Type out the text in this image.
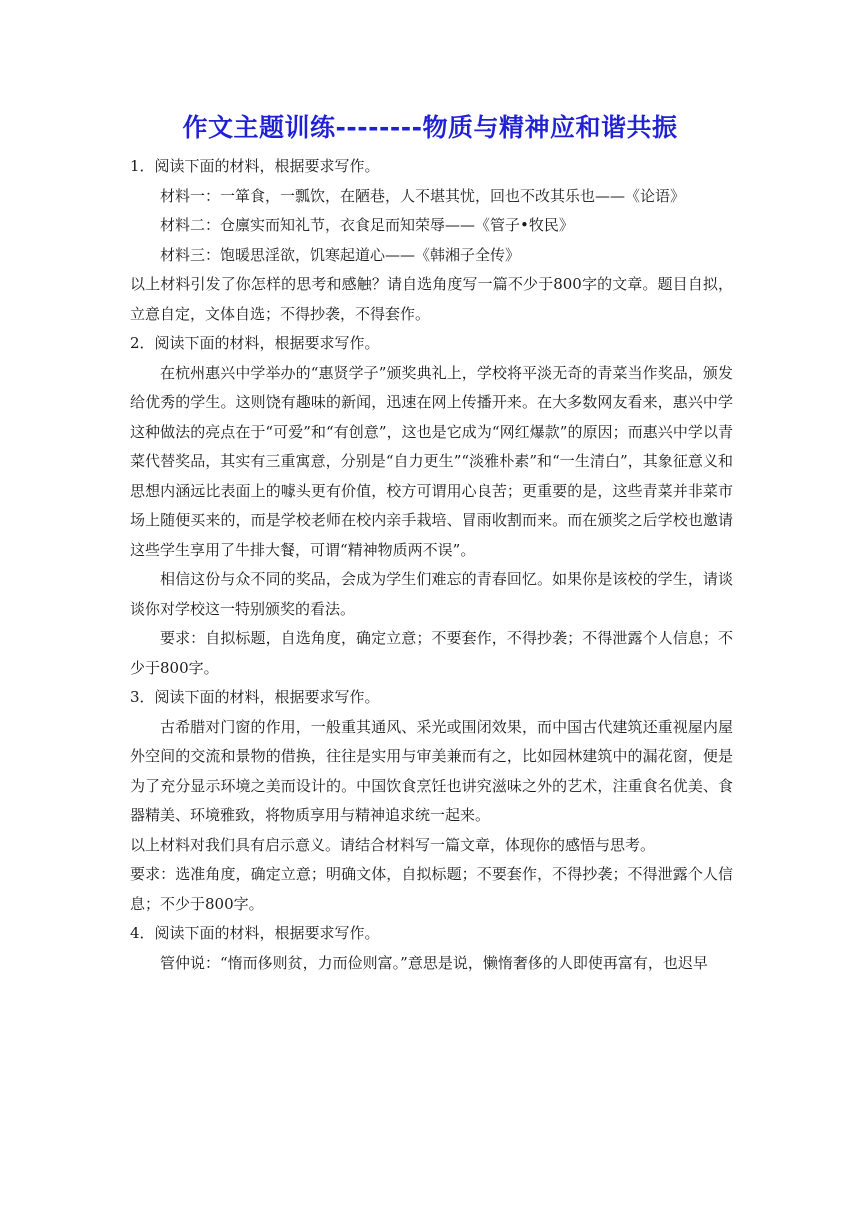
作文主题训练--------物质与精神应和谐共振

1．阅读下面的材料，根据要求写作。

材料一：一箪食，一瓢饮，在陋巷，人不堪其忧，回也不改其乐也——《论语》

材料二：仓廪实而知礼节，衣食足而知荣辱——《管子•牧民》

材料三：饱暖思淫欲，饥寒起道心——《韩湘子全传》

以上材料引发了你怎样的思考和感触？请自选角度写一篇不少于800字的文章。题目自拟，立意自定，文体自选；不得抄袭，不得套作。

2．阅读下面的材料，根据要求写作。

在杭州惠兴中学举办的“惠贤学子”颁奖典礼上，学校将平淡无奇的青菜当作奖品，颁发给优秀的学生。这则饶有趣味的新闻，迅速在网上传播开来。在大多数网友看来，惠兴中学这种做法的亮点在于“可爱”和“有创意”，这也是它成为“网红爆款”的原因；而惠兴中学以青菜代替奖品，其实有三重寓意，分别是“自力更生”“淡雅朴素”和“一生清白”，其象征意义和思想内涵远比表面上的噱头更有价值，校方可谓用心良苦；更重要的是，这些青菜并非菜市场上随便买来的，而是学校老师在校内亲手栽培、冒雨收割而来。而在颁奖之后学校也邀请这些学生享用了牛排大餐，可谓“精神物质两不误”。

相信这份与众不同的奖品，会成为学生们难忘的青春回忆。如果你是该校的学生，请谈谈你对学校这一特别颁奖的看法。

要求：自拟标题，自选角度，确定立意；不要套作，不得抄袭；不得泄露个人信息；不少于800字。

3．阅读下面的材料，根据要求写作。

古希腊对门窗的作用，一般重其通风、采光或围闭效果，而中国古代建筑还重视屋内屋外空间的交流和景物的借换，往往是实用与审美兼而有之，比如园林建筑中的漏花窗，便是为了充分显示环境之美而设计的。中国饮食烹饪也讲究滋味之外的艺术，注重食名优美、食器精美、环境雅致，将物质享用与精神追求统一起来。

以上材料对我们具有启示意义。请结合材料写一篇文章，体现你的感悟与思考。

要求：选准角度，确定立意；明确文体，自拟标题；不要套作，不得抄袭；不得泄露个人信息；不少于800字。

4．阅读下面的材料，根据要求写作。

管仲说：“惰而侈则贫，力而俭则富。”意思是说，懒惰奢侈的人即使再富有，也迟早
